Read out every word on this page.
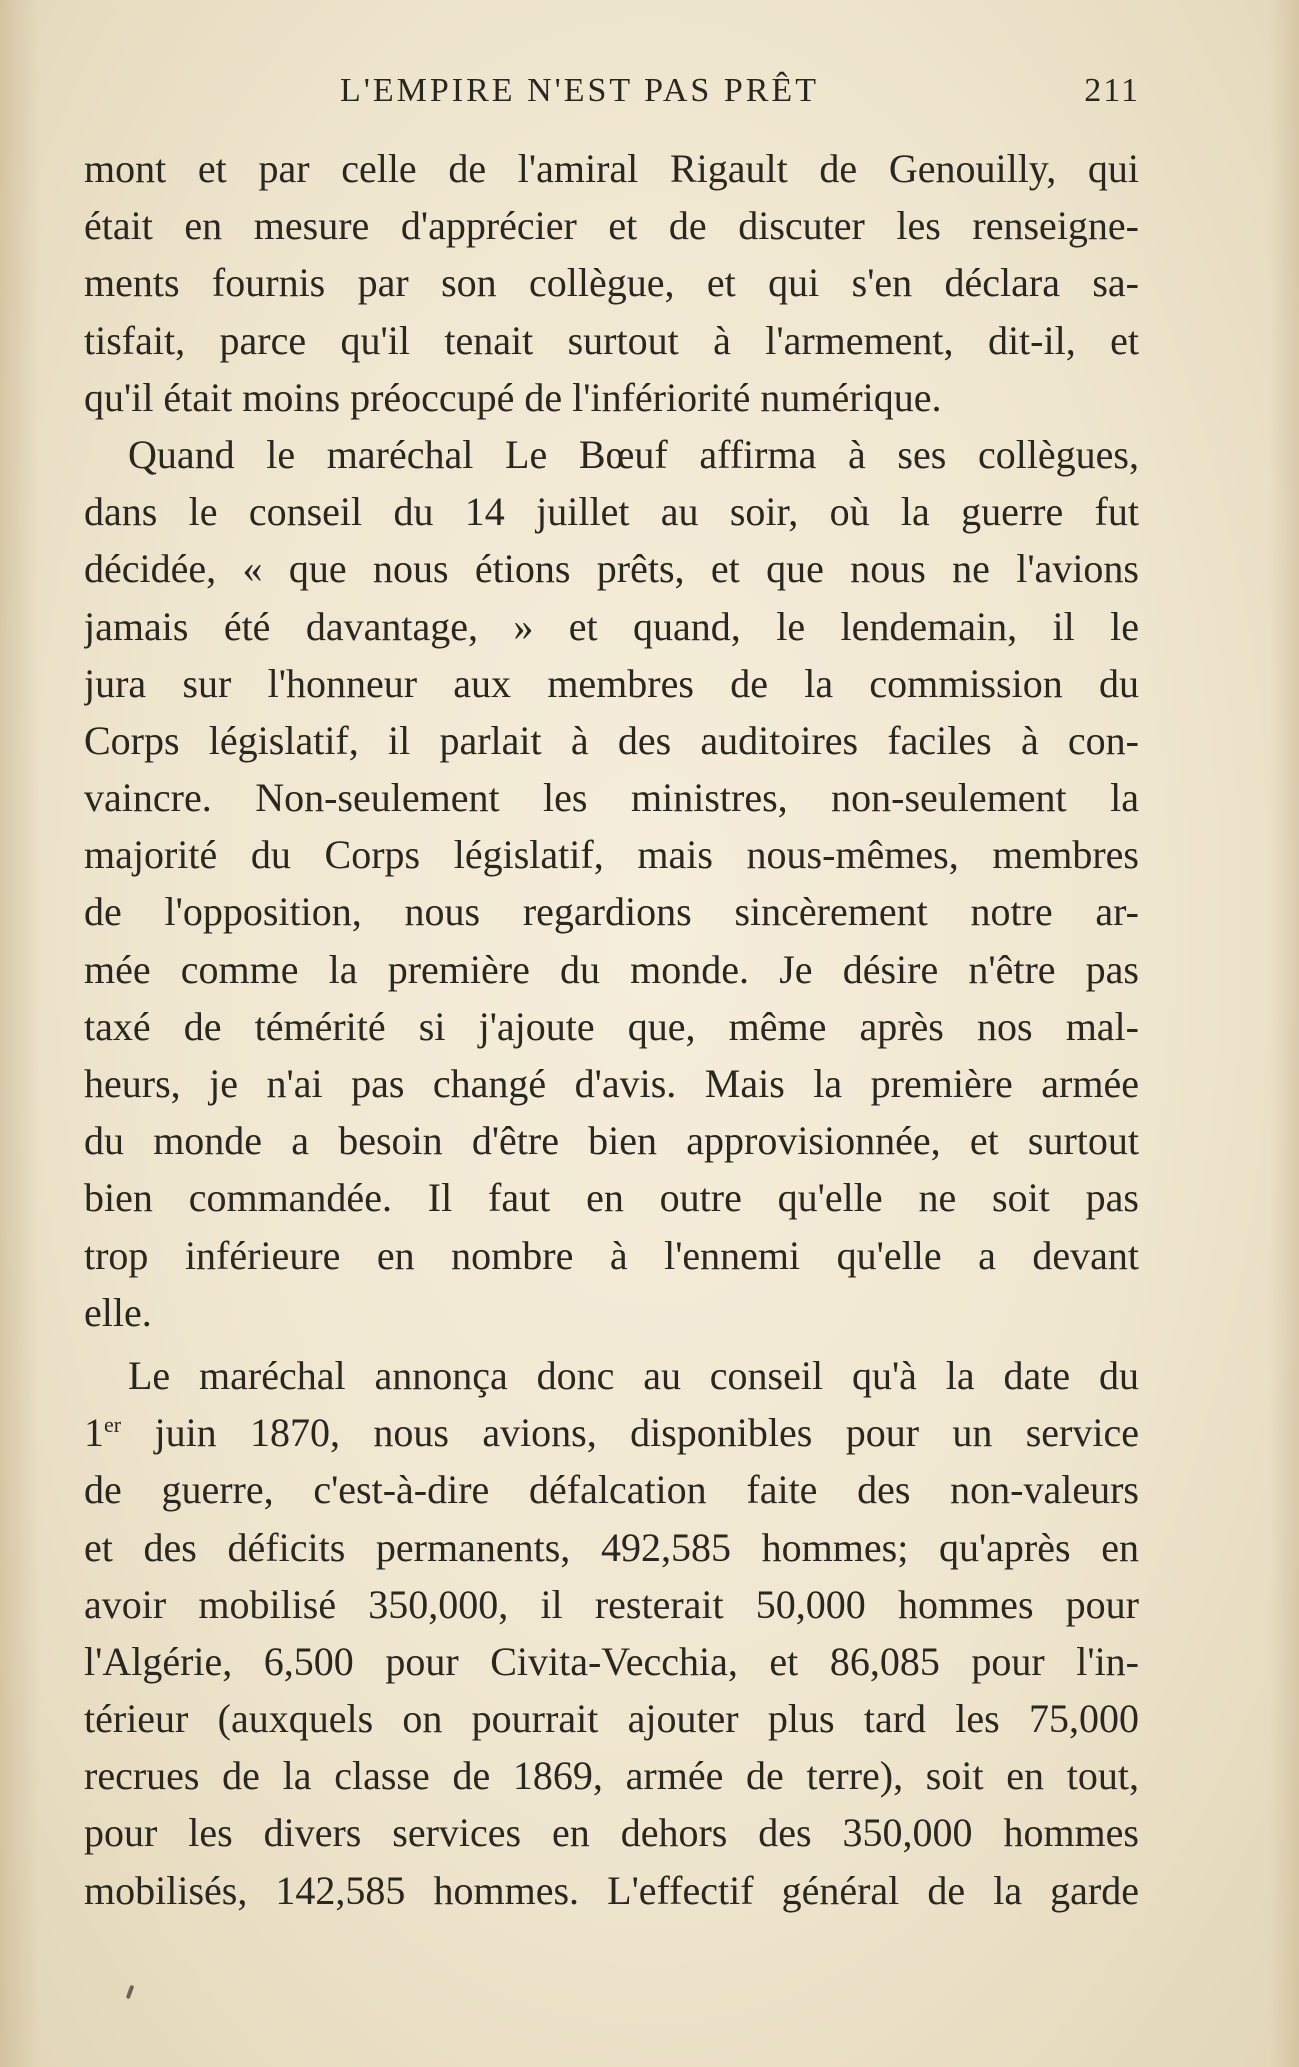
L'EMPIRE N'EST PAS PRÊT	211
mont et par celle de l'amiral Rigault de Genouilly, qui
était en mesure d'apprécier et de discuter les renseigne-
ments fournis par son collègue, et qui s'en déclara sa-
tisfait, parce qu'il tenait surtout à l'armement, dit-il, et
qu'il était moins préoccupé de l'infériorité numérique.
Quand le maréchal Le Bœuf affirma à ses collègues,
dans le conseil du 14 juillet au soir, où la guerre fut
décidée, « que nous étions prêts, et que nous ne l'avions
jamais été davantage, » et quand, le lendemain, il le
jura sur l'honneur aux membres de la commission du
Corps législatif, il parlait à des auditoires faciles à con-
vaincre. Non-seulement les ministres, non-seulement la
majorité du Corps législatif, mais nous-mêmes, membres
de l'opposition, nous regardions sincèrement notre ar-
mée comme la première du monde. Je désire n'être pas
taxé de témérité si j'ajoute que, même après nos mal-
heurs, je n'ai pas changé d'avis. Mais la première armée
du monde a besoin d'être bien approvisionnée, et surtout
bien commandée. Il faut en outre qu'elle ne soit pas
trop inférieure en nombre à l'ennemi qu'elle a devant
elle.
Le maréchal annonça donc au conseil qu'à la date du
1er juin 1870, nous avions, disponibles pour un service
de guerre, c'est-à-dire défalcation faite des non-valeurs
et des déficits permanents, 492,585 hommes; qu'après en
avoir mobilisé 350,000, il resterait 50,000 hommes pour
l'Algérie, 6,500 pour Civita-Vecchia, et 86,085 pour l'in-
térieur (auxquels on pourrait ajouter plus tard les 75,000
recrues de la classe de 1869, armée de terre), soit en tout,
pour les divers services en dehors des 350,000 hommes
mobilisés, 142,585 hommes. L'effectif général de la garde
